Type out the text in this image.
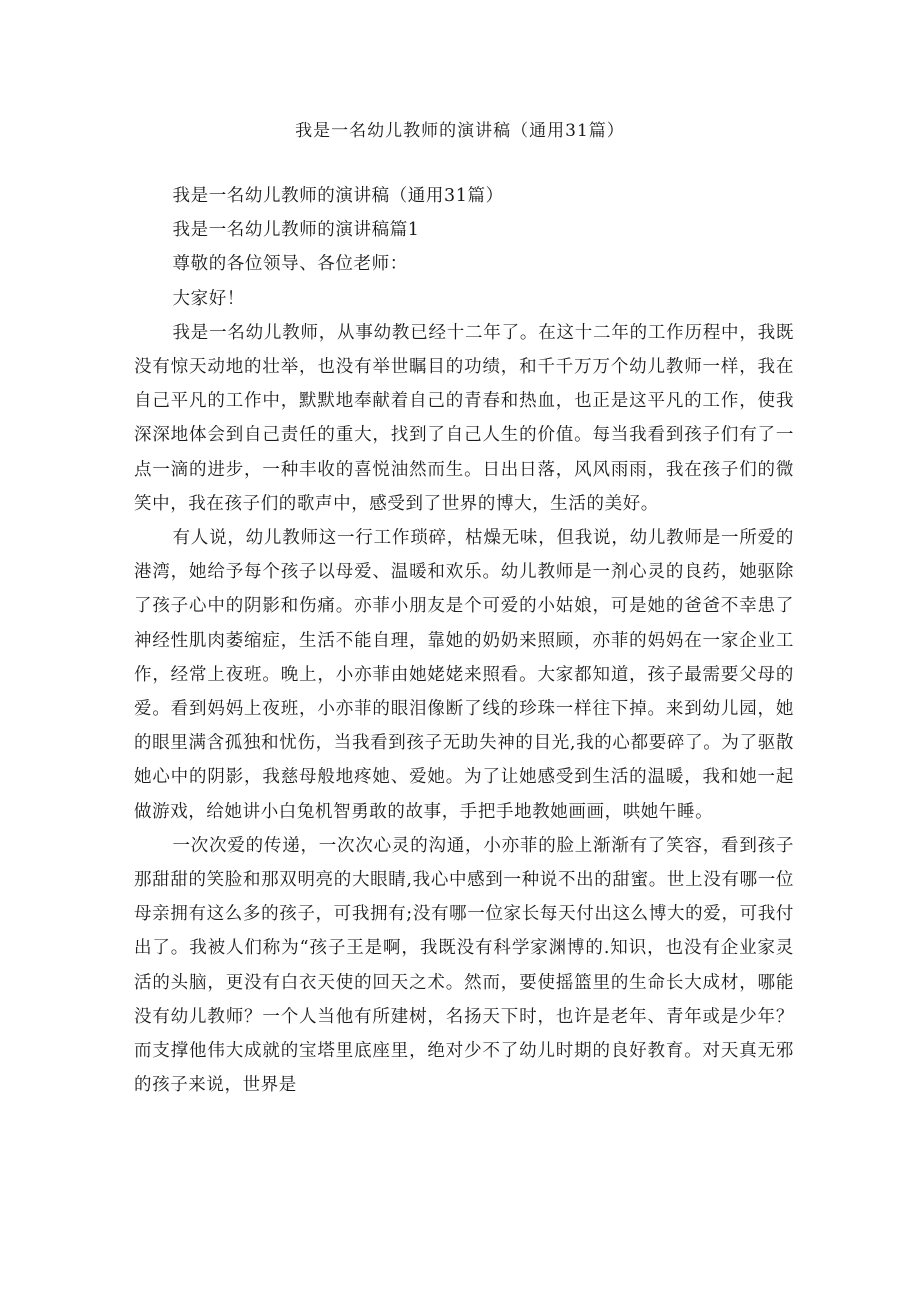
我是一名幼儿教师的演讲稿（通用31篇）

我是一名幼儿教师的演讲稿（通用31篇）

我是一名幼儿教师的演讲稿篇1

尊敬的各位领导、各位老师：

大家好！

我是一名幼儿教师，从事幼教已经十二年了。在这十二年的工作历程中，我既没有惊天动地的壮举，也没有举世瞩目的功绩，和千千万万个幼儿教师一样，我在自己平凡的工作中，默默地奉献着自己的青春和热血，也正是这平凡的工作，使我深深地体会到自己责任的重大，找到了自己人生的价值。每当我看到孩子们有了一点一滴的进步，一种丰收的喜悦油然而生。日出日落，风风雨雨，我在孩子们的微笑中，我在孩子们的歌声中，感受到了世界的博大，生活的美好。

有人说，幼儿教师这一行工作琐碎，枯燥无味，但我说，幼儿教师是一所爱的港湾，她给予每个孩子以母爱、温暖和欢乐。幼儿教师是一剂心灵的良药，她驱除了孩子心中的阴影和伤痛。亦菲小朋友是个可爱的小姑娘，可是她的爸爸不幸患了神经性肌肉萎缩症，生活不能自理，靠她的奶奶来照顾，亦菲的妈妈在一家企业工作，经常上夜班。晚上，小亦菲由她姥姥来照看。大家都知道，孩子最需要父母的爱。看到妈妈上夜班，小亦菲的眼泪像断了线的珍珠一样往下掉。来到幼儿园，她的眼里满含孤独和忧伤，当我看到孩子无助失神的目光,我的心都要碎了。为了驱散她心中的阴影，我慈母般地疼她、爱她。为了让她感受到生活的温暖，我和她一起做游戏，给她讲小白兔机智勇敢的故事，手把手地教她画画，哄她午睡。

一次次爱的传递，一次次心灵的沟通，小亦菲的脸上渐渐有了笑容，看到孩子那甜甜的笑脸和那双明亮的大眼睛,我心中感到一种说不出的甜蜜。世上没有哪一位母亲拥有这么多的孩子，可我拥有;没有哪一位家长每天付出这么博大的爱，可我付出了。我被人们称为“孩子王是啊，我既没有科学家渊博的.知识，也没有企业家灵活的头脑，更没有白衣天使的回天之术。然而，要使摇篮里的生命长大成材，哪能没有幼儿教师？一个人当他有所建树，名扬天下时，也许是老年、青年或是少年？而支撑他伟大成就的宝塔里底座里，绝对少不了幼儿时期的良好教育。对天真无邪的孩子来说，世界是
